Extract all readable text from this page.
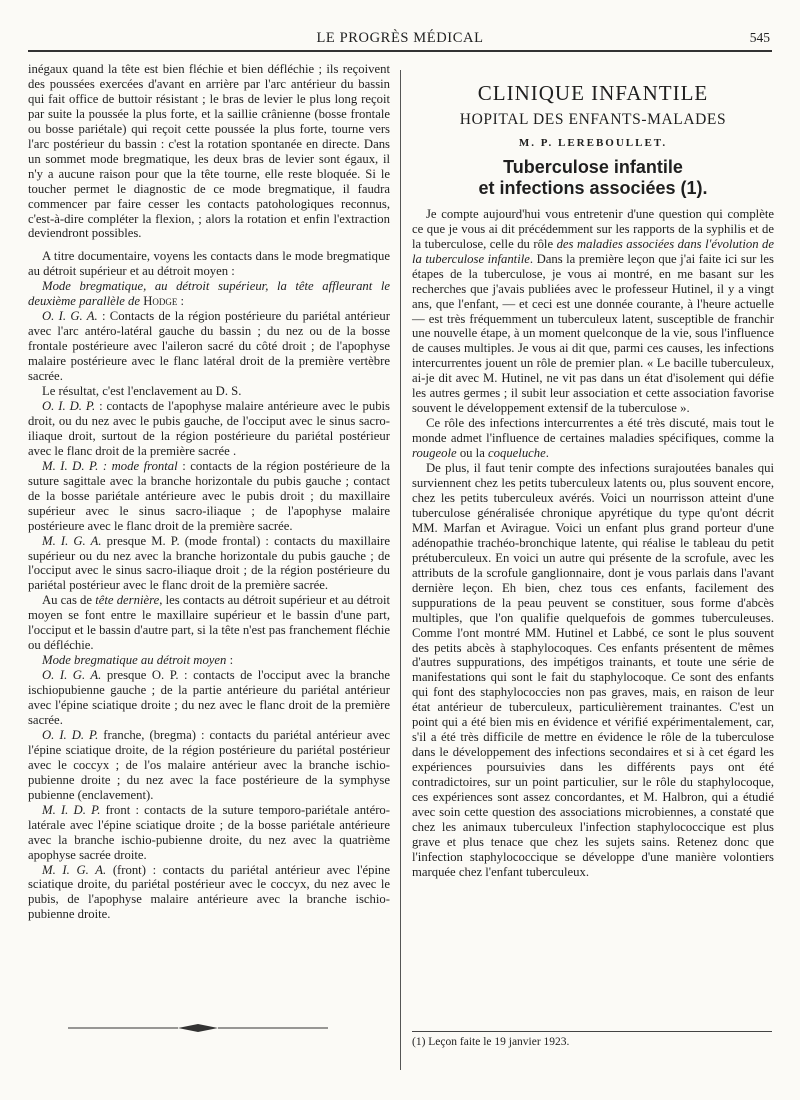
LE PROGRÈS MÉDICAL	545

inégaux quand la tête est bien fléchie et bien défléchie ; ils reçoivent des poussées exercées d'avant en arrière par l'arc antérieur du bassin qui fait office de buttoir résistant ; le bras de levier le plus long reçoit par suite la poussée la plus forte, et la saillie crânienne (bosse frontale ou bosse pariétale) qui reçoit cette poussée la plus forte, tourne vers l'arc postérieur du bassin : c'est la rotation spontanée en directe. Dans un sommet mode bregmatique, les deux bras de levier sont égaux, il n'y a aucune raison pour que la tête tourne, elle reste bloquée. Si le toucher permet le diagnostic de ce mode bregmatique, il faudra commencer par faire cesser les contacts patohologiques reconnus, c'est-à-dire compléter la flexion, ; alors la rotation et enfin l'extraction deviendront possibles.

A titre documentaire, voyens les contacts dans le mode bregmatique au détroit supérieur et au détroit moyen :

Mode bregmatique, au détroit supérieur, la tête affleurant le deuxième parallèle de Hodge :

O. I. G. A. : Contacts de la région postérieure du pariétal antérieur avec l'arc antéro-latéral gauche du bassin ; du nez ou de la bosse frontale postérieure avec l'aileron sacré du côté droit ; de l'apophyse malaire postérieure avec le flanc latéral droit de la première vertèbre sacrée.

Le résultat, c'est l'enclavement au D. S.

O. I. D. P. : contacts de l'apophyse malaire antérieure avec le pubis droit, ou du nez avec le pubis gauche, de l'occiput avec le sinus sacro-iliaque droit, surtout de la région postérieure du pariétal postérieur avec le flanc droit de la première sacrée .

M. I. D. P. : mode frontal : contacts de la région postérieure de la suture sagittale avec la branche horizontale du pubis gauche ; contact de la bosse pariétale antérieure avec le pubis droit ; du maxillaire supérieur avec le sinus sacro-iliaque ; de l'apophyse malaire postérieure avec le flanc droit de la première sacrée.

M. I. G. A. presque M. P. (mode frontal) : contacts du maxillaire supérieur ou du nez avec la branche horizontale du pubis gauche ; de l'occiput avec le sinus sacro-iliaque droit ; de la région postérieure du pariétal postérieur avec le flanc droit de la première sacrée.

Au cas de tête dernière, les contacts au détroit supérieur et au détroit moyen se font entre le maxillaire supérieur et le bassin d'une part, l'occiput et le bassin d'autre part, si la tête n'est pas franchement fléchie ou défléchie.

Mode bregmatique au détroit moyen :

O. I. G. A. presque O. P. : contacts de l'occiput avec la branche ischiopubienne gauche ; de la partie antérieure du pariétal antérieur avec l'épine sciatique droite ; du nez avec le flanc droit de la première sacrée.

O. I. D. P. franche, (bregma) : contacts du pariétal antérieur avec l'épine sciatique droite, de la région postérieure du pariétal postérieur avec le coccyx ; de l'os malaire antérieur avec la branche ischio-pubienne droite ; du nez avec la face postérieure de la symphyse pubienne (enclavement).

M. I. D. P. front : contacts de la suture temporo-pariétale antéro-latérale avec l'épine sciatique droite ; de la bosse pariétale antérieure avec la branche ischio-pubienne droite, du nez avec la quatrième apophyse sacrée droite.

M. I. G. A. (front) : contacts du pariétal antérieur avec l'épine sciatique droite, du pariétal postérieur avec le coccyx, du nez avec le pubis, de l'apophyse malaire antérieure avec la branche ischio-pubienne droite.

CLINIQUE INFANTILE
HOPITAL DES ENFANTS-MALADES
M. P. LEREBOULLET.
Tuberculose infantile
et infections associées (1).

Je compte aujourd'hui vous entretenir d'une question qui complète ce que je vous ai dit précédemment sur les rapports de la syphilis et de la tuberculose, celle du rôle des maladies associées dans l'évolution de la tuberculose infantile. Dans la première leçon que j'ai faite ici sur les étapes de la tuberculose, je vous ai montré, en me basant sur les recherches que j'avais publiées avec le professeur Hutinel, il y a vingt ans, que l'enfant, — et ceci est une donnée courante, à l'heure actuelle — est très fréquemment un tuberculeux latent, susceptible de franchir une nouvelle étape, à un moment quelconque de la vie, sous l'influence de causes multiples. Je vous ai dit que, parmi ces causes, les infections intercurrentes jouent un rôle de premier plan. « Le bacille tuberculeux, ai-je dit avec M. Hutinel, ne vit pas dans un état d'isolement qui défie les autres germes ; il subit leur association et cette association favorise souvent le développement extensif de la tuberculose ».

Ce rôle des infections intercurrentes a été très discuté, mais tout le monde admet l'influence de certaines maladies spécifiques, comme la rougeole ou la coqueluche.

De plus, il faut tenir compte des infections surajoutées banales qui surviennent chez les petits tuberculeux latents ou, plus souvent encore, chez les petits tuberculeux avérés. Voici un nourrisson atteint d'une tuberculose généralisée chronique apyrétique du type qu'ont décrit MM. Marfan et Avirague. Voici un enfant plus grand porteur d'une adénopathie trachéo-bronchique latente, qui réalise le tableau du petit prétuberculeux. En voici un autre qui présente de la scrofule, avec les attributs de la scrofule ganglionnaire, dont je vous parlais dans l'avant dernière leçon. Eh bien, chez tous ces enfants, facilement des suppurations de la peau peuvent se constituer, sous forme d'abcès multiples, que l'on qualifie quelquefois de gommes tuberculeuses. Comme l'ont montré MM. Hutinel et Labbé, ce sont le plus souvent des petits abcès à staphylocoques. Ces enfants présentent de mêmes d'autres suppurations, des impétigos trainants, et toute une série de manifestations qui sont le fait du staphylocoque. Ce sont des enfants qui font des staphylococcies non pas graves, mais, en raison de leur état antérieur de tuberculeux, particulièrement trainantes. C'est un point qui a été bien mis en évidence et vérifié expérimentalement, car, s'il a été très difficile de mettre en évidence le rôle de la tuberculose dans le développement des infections secondaires et si à cet égard les expériences poursuivies dans les différents pays ont été contradictoires, sur un point particulier, sur le rôle du staphylocoque, ces expériences sont assez concordantes, et M. Halbron, qui a étudié avec soin cette question des associations microbiennes, a constaté que chez les animaux tuberculeux l'infection staphylococcique est plus grave et plus tenace que chez les sujets sains. Retenez donc que l'infection staphylococcique se développe d'une manière volontiers marquée chez l'enfant tuberculeux.

(1) Leçon faite le 19 janvier 1923.
